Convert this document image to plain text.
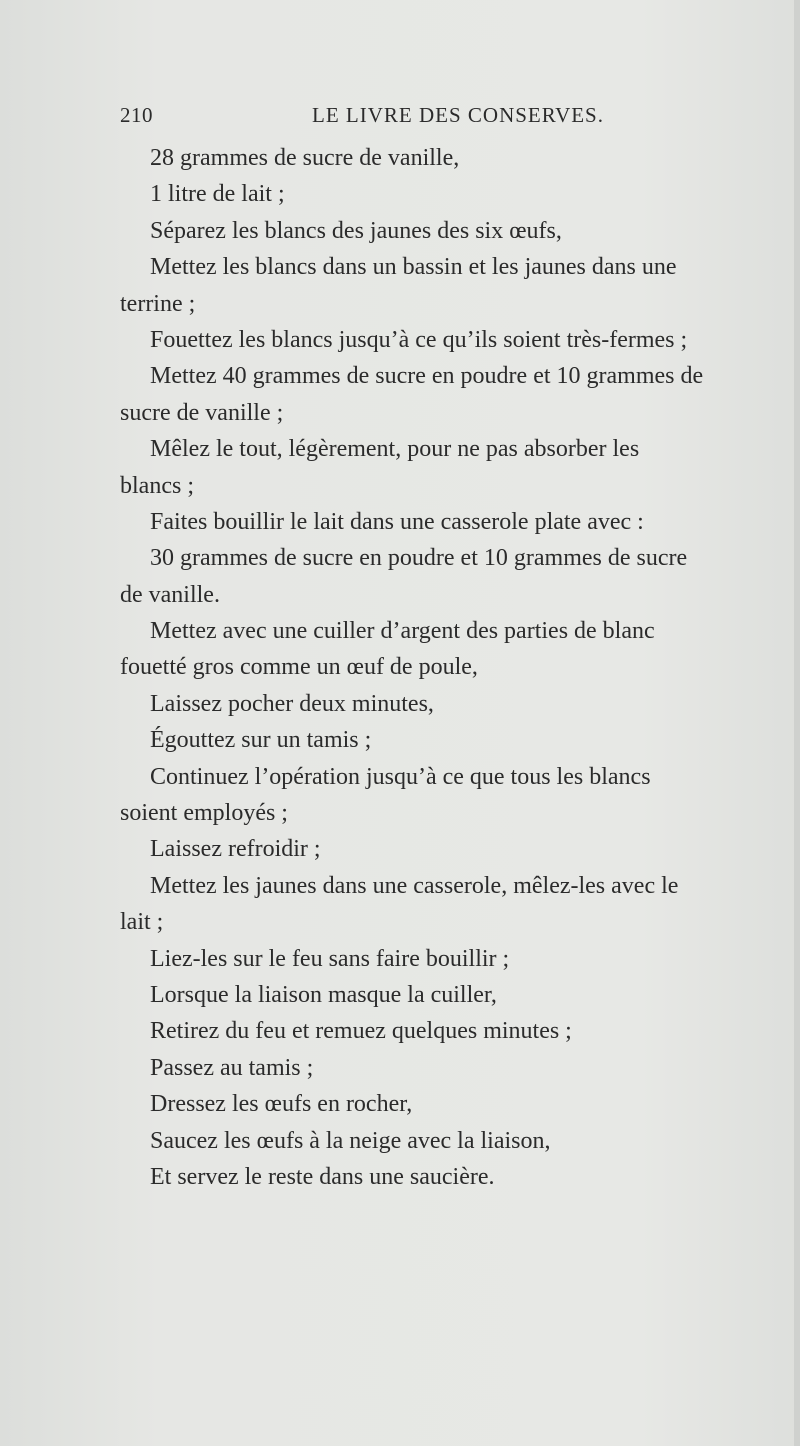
210	LE LIVRE DES CONSERVES.
28 grammes de sucre de vanille,
1 litre de lait ;
Séparez les blancs des jaunes des six œufs,
Mettez les blancs dans un bassin et les jaunes dans une
terrine ;
Fouettez les blancs jusqu’à ce qu’ils soient très-fermes ;
Mettez 40 grammes de sucre en poudre et 10 grammes de
sucre de vanille ;
Mêlez le tout, légèrement, pour ne pas absorber les
blancs ;
Faites bouillir le lait dans une casserole plate avec :
30 grammes de sucre en poudre et 10 grammes de sucre
de vanille.
Mettez avec une cuiller d’argent des parties de blanc
fouetté gros comme un œuf de poule,
Laissez pocher deux minutes,
Égouttez sur un tamis ;
Continuez l’opération jusqu’à ce que tous les blancs
soient employés ;
Laissez refroidir ;
Mettez les jaunes dans une casserole, mêlez-les avec le
lait ;
Liez-les sur le feu sans faire bouillir ;
Lorsque la liaison masque la cuiller,
Retirez du feu et remuez quelques minutes ;
Passez au tamis ;
Dressez les œufs en rocher,
Saucez les œufs à la neige avec la liaison,
Et servez le reste dans une saucière.
